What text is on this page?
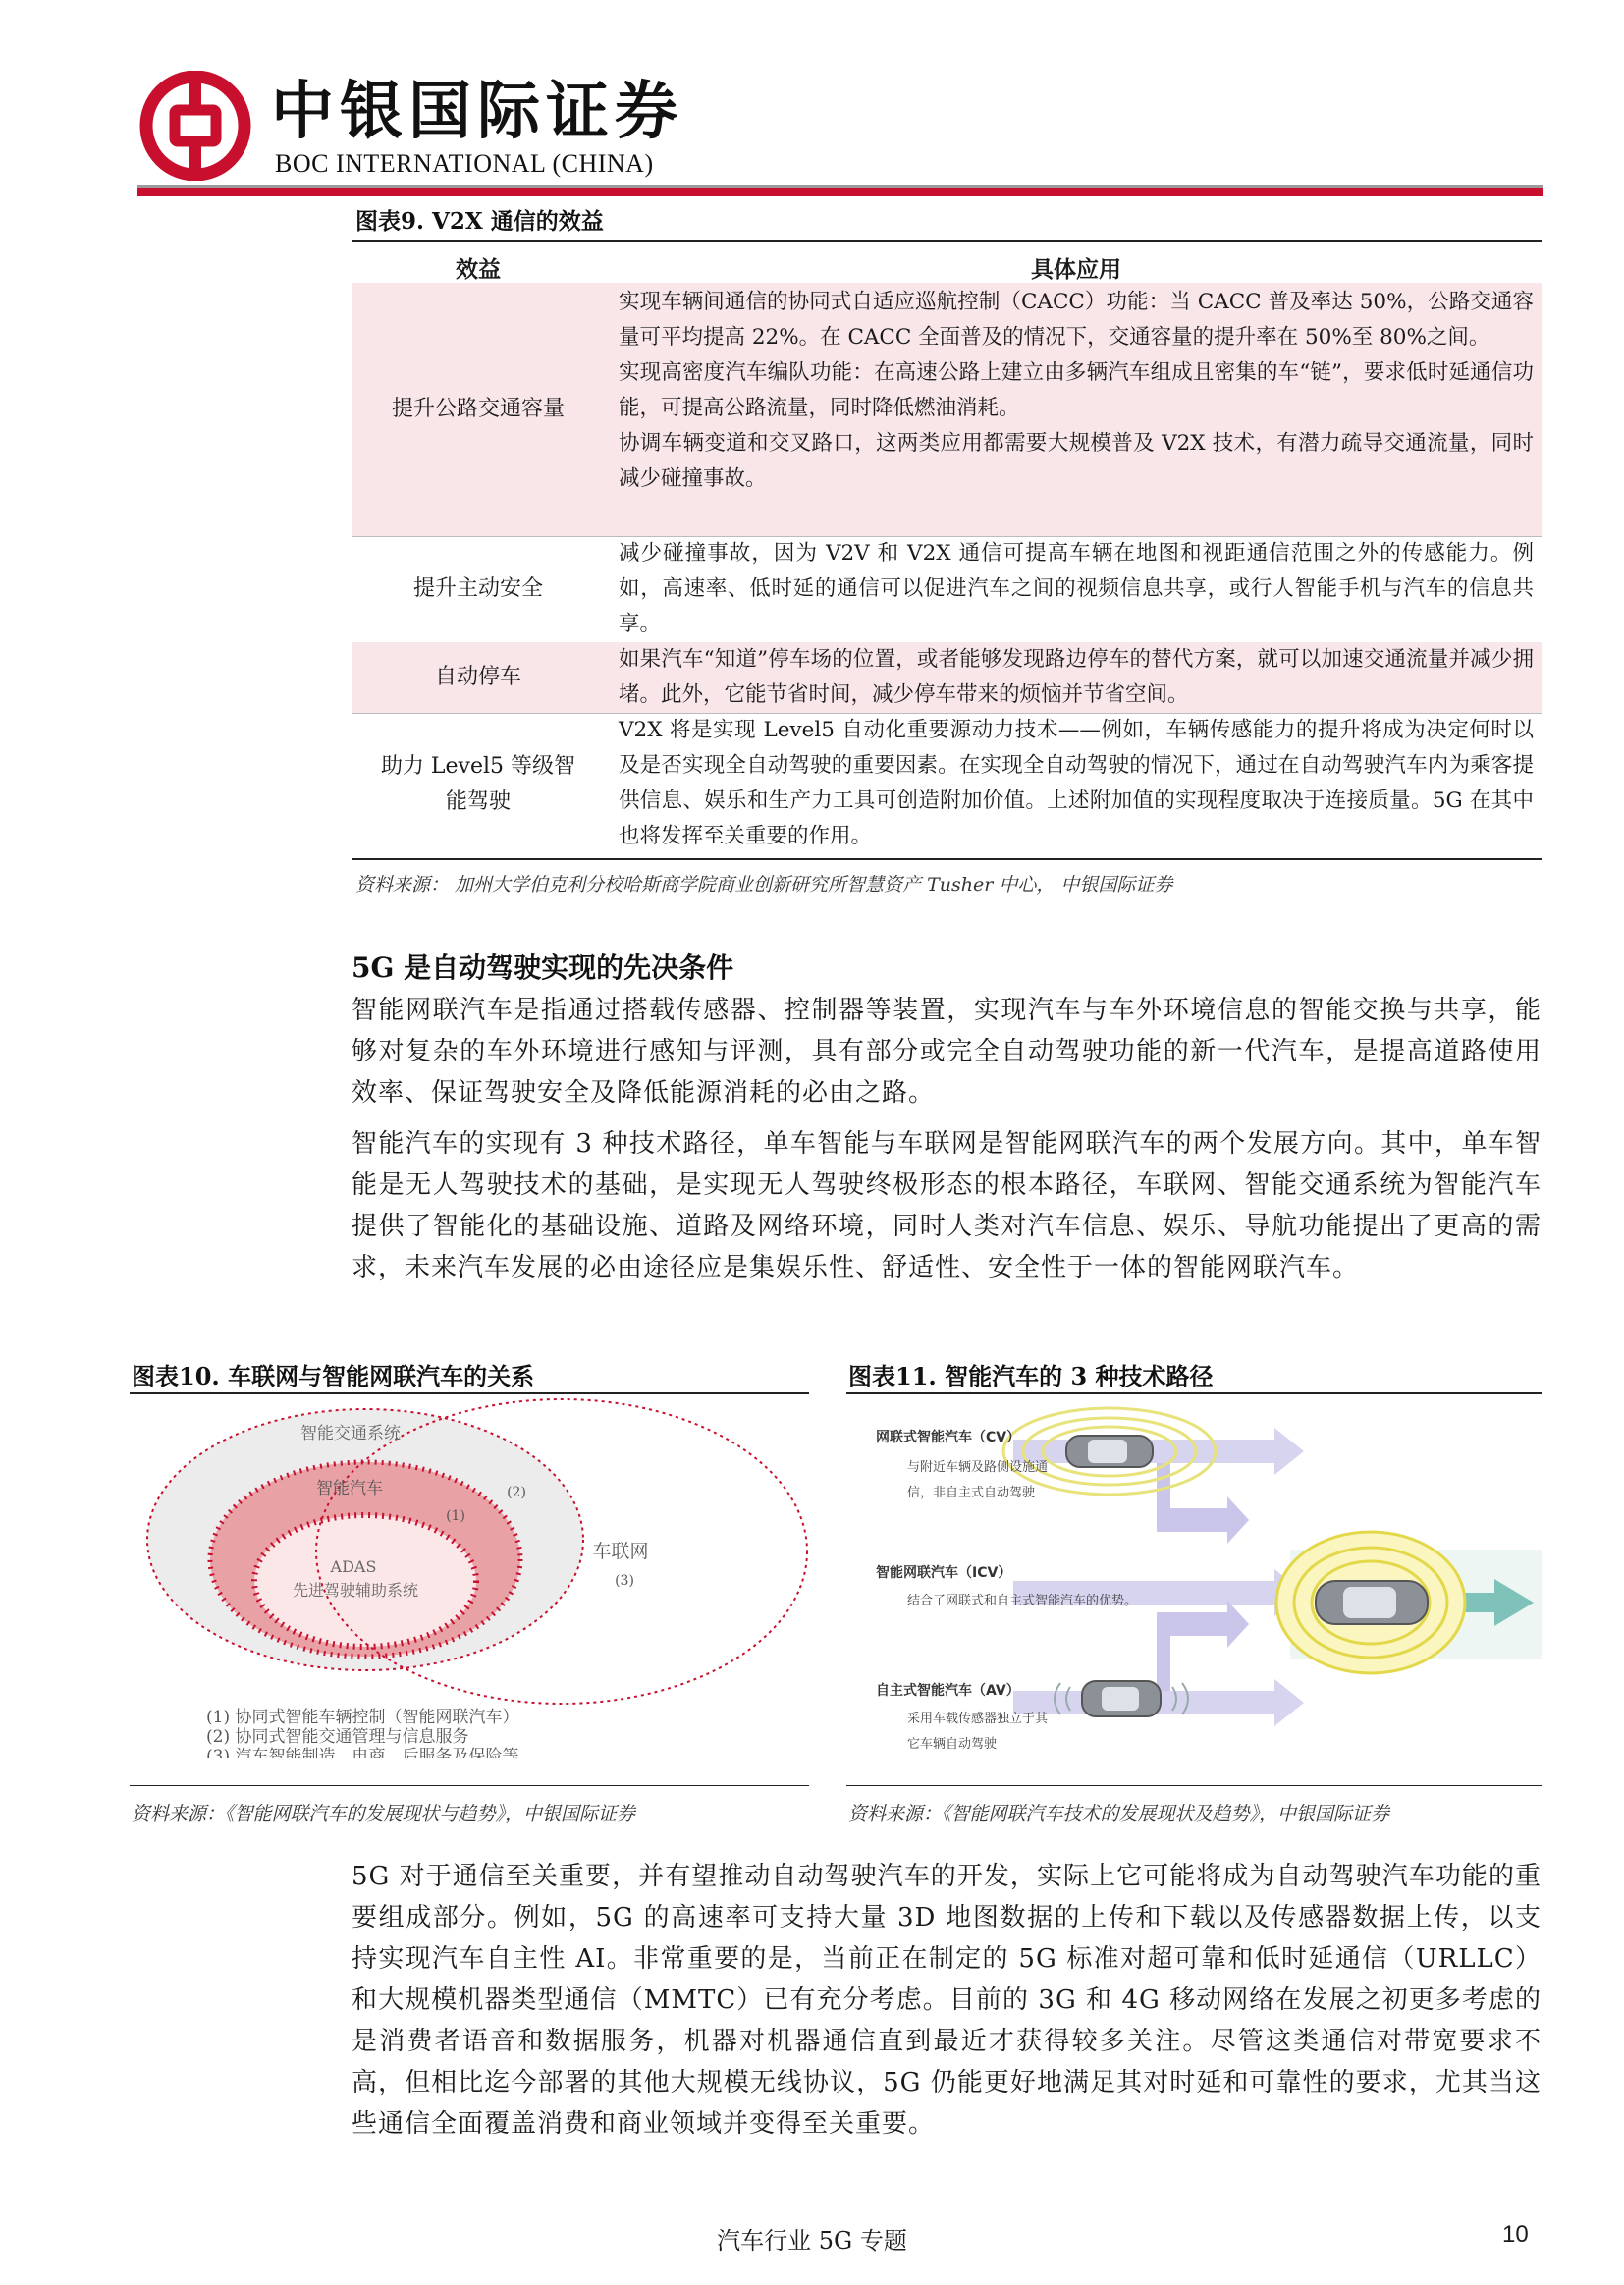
中银国际证券
BOC INTERNATIONAL (CHINA)
图表9. V2X 通信的效益
效益	具体应用
提升公路交通容量

实现车辆间通信的协同式自适应巡航控制（CACC）功能：当 CACC 普及率达 50%，公路交通容量可平均提高 22%。在 CACC 全面普及的情况下，交通容量的提升率在 50%至 80%之间。

实现高密度汽车编队功能：在高速公路上建立由多辆汽车组成且密集的车“链”，要求低时延通信功能，可提高公路流量，同时降低燃油消耗。

协调车辆变道和交叉路口，这两类应用都需要大规模普及 V2X 技术，有潜力疏导交通流量，同时减少碰撞事故。

提升主动安全

减少碰撞事故，因为 V2V 和 V2X 通信可提高车辆在地图和视距通信范围之外的传感能力。例如，高速率、低时延的通信可以促进汽车之间的视频信息共享，或行人智能手机与汽车的信息共享。

自动停车

如果汽车“知道”停车场的位置，或者能够发现路边停车的替代方案，就可以加速交通流量并减少拥堵。此外，它能节省时间，减少停车带来的烦恼并节省空间。

助力 Level5 等级智能驾驶

V2X 将是实现 Level5 自动化重要源动力技术——例如，车辆传感能力的提升将成为决定何时以及是否实现全自动驾驶的重要因素。在实现全自动驾驶的情况下，通过在自动驾驶汽车内为乘客提供信息、娱乐和生产力工具可创造附加价值。上述附加值的实现程度取决于连接质量。5G 在其中也将发挥至关重要的作用。

资料来源： 加州大学伯克利分校哈斯商学院商业创新研究所智慧资产 Tusher 中心， 中银国际证券
5G 是自动驾驶实现的先决条件

智能网联汽车是指通过搭载传感器、控制器等装置，实现汽车与车外环境信息的智能交换与共享，能够对复杂的车外环境进行感知与评测，具有部分或完全自动驾驶功能的新一代汽车，是提高道路使用效率、保证驾驶安全及降低能源消耗的必由之路。

智能汽车的实现有 3 种技术路径，单车智能与车联网是智能网联汽车的两个发展方向。其中，单车智能是无人驾驶技术的基础，是实现无人驾驶终极形态的根本路径，车联网、智能交通系统为智能汽车提供了智能化的基础设施、道路及网络环境，同时人类对汽车信息、娱乐、导航功能提出了更高的需求，未来汽车发展的必由途径应是集娱乐性、舒适性、安全性于一体的智能网联汽车。

图表10. 车联网与智能网联汽车的关系
智能交通系统
智能汽车
ADAS
先进驾驶辅助系统
车联网
(1)
(2)
(3)
(1) 协同式智能车辆控制（智能网联汽车）
(2) 协同式智能交通管理与信息服务
(3) 汽车智能制造、电商、后服务及保险等
资料来源：《智能网联汽车的发展现状与趋势》，中银国际证券
图表11. 智能汽车的 3 种技术路径
网联式智能汽车（CV）
与附近车辆及路侧设施通
信，非自主式自动驾驶
智能网联汽车（ICV）
结合了网联式和自主式智能汽车的优势。
自主式智能汽车（AV）
采用车载传感器独立于其
它车辆自动驾驶
资料来源：《智能网联汽车技术的发展现状及趋势》，中银国际证券

5G 对于通信至关重要，并有望推动自动驾驶汽车的开发，实际上它可能将成为自动驾驶汽车功能的重要组成部分。例如，5G 的高速率可支持大量 3D 地图数据的上传和下载以及传感器数据上传，以支持实现汽车自主性 AI。非常重要的是，当前正在制定的 5G 标准对超可靠和低时延通信（URLLC）和大规模机器类型通信（MMTC）已有充分考虑。目前的 3G 和 4G 移动网络在发展之初更多考虑的是消费者语音和数据服务，机器对机器通信直到最近才获得较多关注。尽管这类通信对带宽要求不高，但相比迄今部署的其他大规模无线协议，5G 仍能更好地满足其对时延和可靠性的要求，尤其当这些通信全面覆盖消费和商业领域并变得至关重要。

汽车行业 5G 专题	10
